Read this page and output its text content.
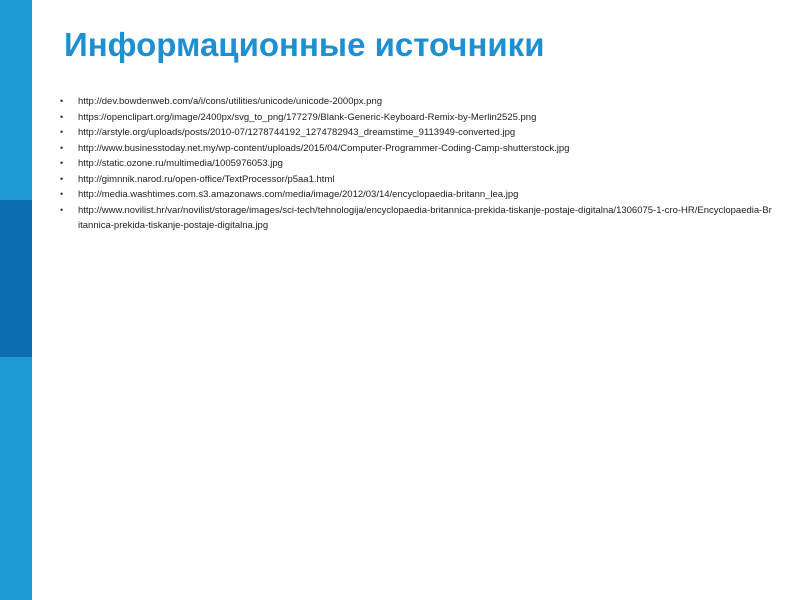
Информационные источники
• http://dev.bowdenweb.com/a/i/cons/utilities/unicode/unicode-2000px.png
• https://openclipart.org/image/2400px/svg_to_png/177279/Blank-Generic-Keyboard-Remix-by-Merlin2525.png
• http://arstyle.org/uploads/posts/2010-07/1278744192_1274782943_dreamstime_9113949-converted.jpg
• http://www.businesstoday.net.my/wp-content/uploads/2015/04/Computer-Programmer-Coding-Camp-shutterstock.jpg
• http://static.ozone.ru/multimedia/1005976053.jpg
• http://gimnnik.narod.ru/open-office/TextProcessor/p5aa1.html
• http://media.washtimes.com.s3.amazonaws.com/media/image/2012/03/14/encyclopaedia-britann_lea.jpg
• http://www.novilist.hr/var/novilist/storage/images/sci-tech/tehnologija/encyclopaedia-britannica-prekida-tiskanje-postaje-digitalna/1306075-1-cro-HR/Encyclopaedia-Britannica-prekida-tiskanje-postaje-digitalna.jpg
